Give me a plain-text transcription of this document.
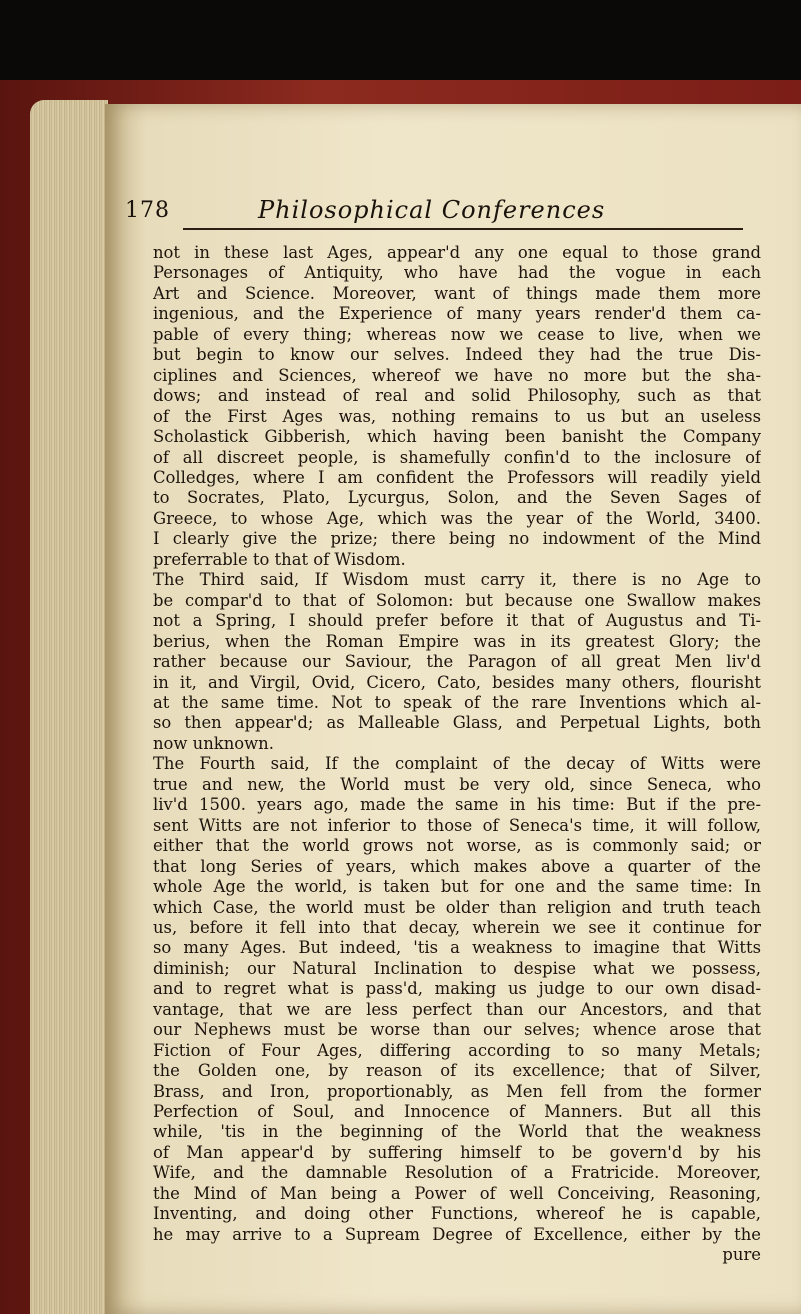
178	Philosophical Conferences
not in these last Ages, appear'd any one equal to those grand
Personages of Antiquity, who have had the vogue in each
Art and Science. Moreover, want of things made them more
ingenious, and the Experience of many years render'd them ca-
pable of every thing; whereas now we cease to live, when we
but begin to know our selves. Indeed they had the true Dis-
ciplines and Sciences, whereof we have no more but the sha-
dows; and instead of real and solid Philosophy, such as that
of the First Ages was, nothing remains to us but an useless
Scholastick Gibberish, which having been banisht the Company
of all discreet people, is shamefully confin'd to the inclosure of
Colledges, where I am confident the Professors will readily yield
to Socrates, Plato, Lycurgus, Solon, and the Seven Sages of
Greece, to whose Age, which was the year of the World, 3400.
I clearly give the prize; there being no indowment of the Mind
preferrable to that of Wisdom.
The Third said, If Wisdom must carry it, there is no Age to
be compar'd to that of Solomon: but because one Swallow makes
not a Spring, I should prefer before it that of Augustus and Ti-
berius, when the Roman Empire was in its greatest Glory; the
rather because our Saviour, the Paragon of all great Men liv'd
in it, and Virgil, Ovid, Cicero, Cato, besides many others, flourisht
at the same time. Not to speak of the rare Inventions which al-
so then appear'd; as Malleable Glass, and Perpetual Lights, both
now unknown.
The Fourth said, If the complaint of the decay of Witts were
true and new, the World must be very old, since Seneca, who
liv'd 1500. years ago, made the same in his time: But if the pre-
sent Witts are not inferior to those of Seneca's time, it will follow,
either that the world grows not worse, as is commonly said; or
that long Series of years, which makes above a quarter of the
whole Age the world, is taken but for one and the same time: In
which Case, the world must be older than religion and truth teach
us, before it fell into that decay, wherein we see it continue for
so many Ages. But indeed, 'tis a weakness to imagine that Witts
diminish; our Natural Inclination to despise what we possess,
and to regret what is pass'd, making us judge to our own disad-
vantage, that we are less perfect than our Ancestors, and that
our Nephews must be worse than our selves; whence arose that
Fiction of Four Ages, differing according to so many Metals;
the Golden one, by reason of its excellence; that of Silver,
Brass, and Iron, proportionably, as Men fell from the former
Perfection of Soul, and Innocence of Manners. But all this
while, 'tis in the beginning of the World that the weakness
of Man appear'd by suffering himself to be govern'd by his
Wife, and the damnable Resolution of a Fratricide. Moreover,
the Mind of Man being a Power of well Conceiving, Reasoning,
Inventing, and doing other Functions, whereof he is capable,
he may arrive to a Supream Degree of Excellence, either by the
pure
